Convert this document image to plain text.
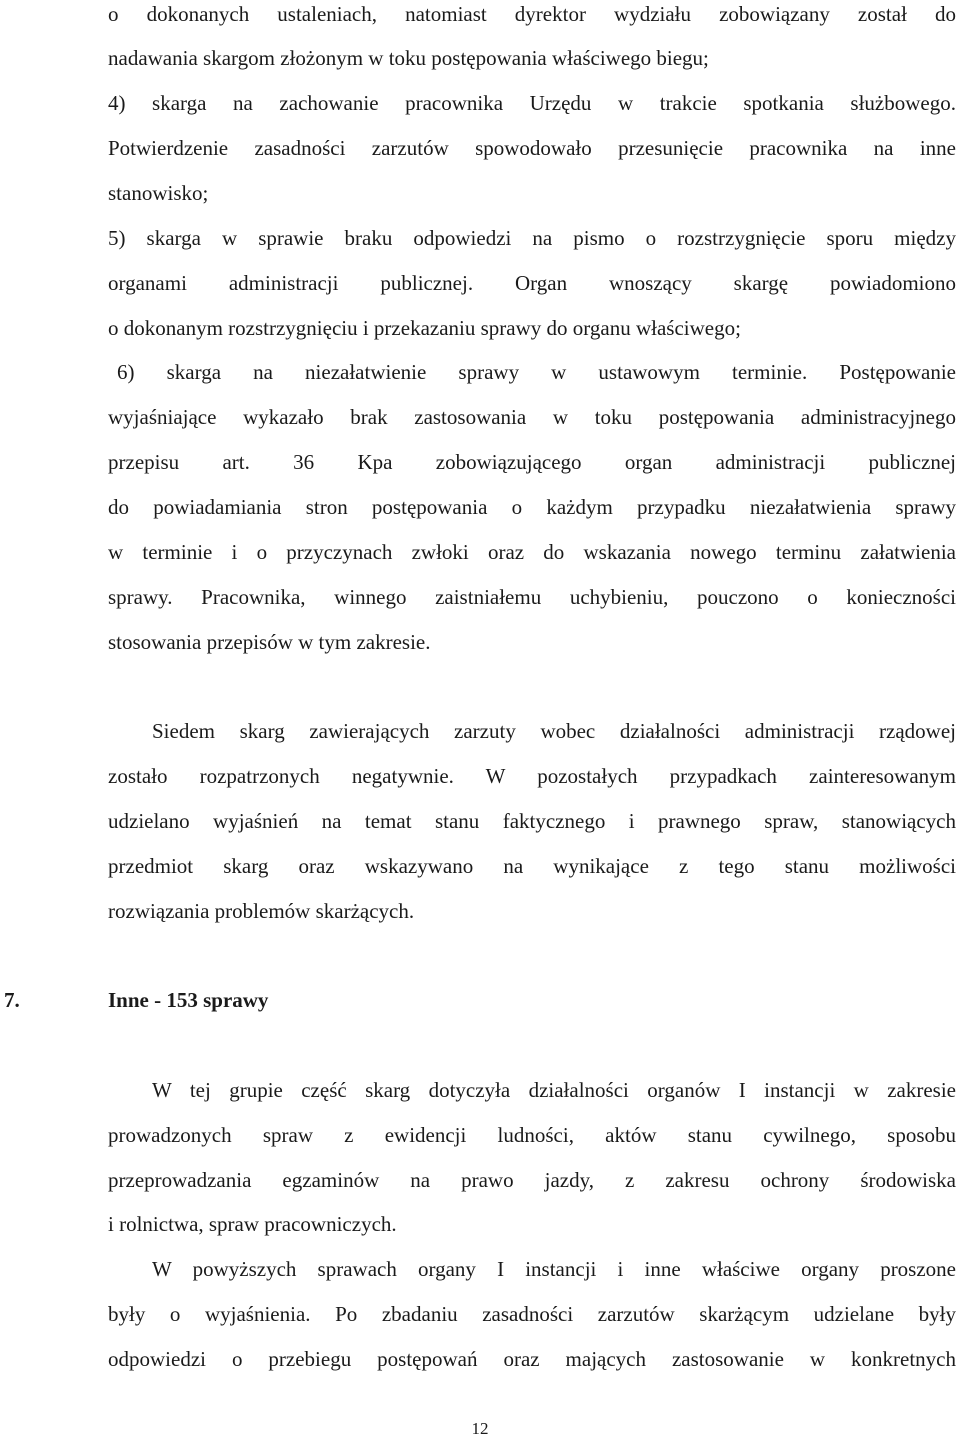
o dokonanych ustaleniach, natomiast dyrektor wydziału zobowiązany został do
nadawania skargom złożonym w toku postępowania właściwego biegu;
4) skarga na zachowanie pracownika Urzędu w trakcie spotkania służbowego.
Potwierdzenie zasadności zarzutów spowodowało przesunięcie pracownika na inne
stanowisko;
5) skarga w sprawie braku odpowiedzi na pismo o rozstrzygnięcie sporu między
organami administracji publicznej. Organ wnoszący skargę powiadomiono
o dokonanym rozstrzygnięciu i przekazaniu sprawy do organu właściwego;
6) skarga na niezałatwienie sprawy w ustawowym terminie. Postępowanie
wyjaśniające wykazało brak zastosowania w toku postępowania administracyjnego
przepisu art. 36 Kpa zobowiązującego organ administracji publicznej
do powiadamiania stron postępowania o każdym przypadku niezałatwienia sprawy
w terminie i o przyczynach zwłoki oraz do wskazania nowego terminu załatwienia
sprawy. Pracownika, winnego zaistniałemu uchybieniu, pouczono o konieczności
stosowania przepisów w tym zakresie.
Siedem skarg zawierających zarzuty wobec działalności administracji rządowej
zostało rozpatrzonych negatywnie. W pozostałych przypadkach zainteresowanym
udzielano wyjaśnień na temat stanu faktycznego i prawnego spraw, stanowiących
przedmiot skarg oraz wskazywano na wynikające z tego stanu możliwości
rozwiązania problemów skarżących.
7.	Inne - 153 sprawy
W tej grupie część skarg dotyczyła działalności organów I instancji w zakresie
prowadzonych spraw z ewidencji ludności, aktów stanu cywilnego, sposobu
przeprowadzania egzaminów na prawo jazdy, z zakresu ochrony środowiska
i rolnictwa, spraw pracowniczych.
W powyższych sprawach organy I instancji i inne właściwe organy proszone
były o wyjaśnienia. Po zbadaniu zasadności zarzutów skarżącym udzielane były
odpowiedzi o przebiegu postępowań oraz mających zastosowanie w konkretnych
12
